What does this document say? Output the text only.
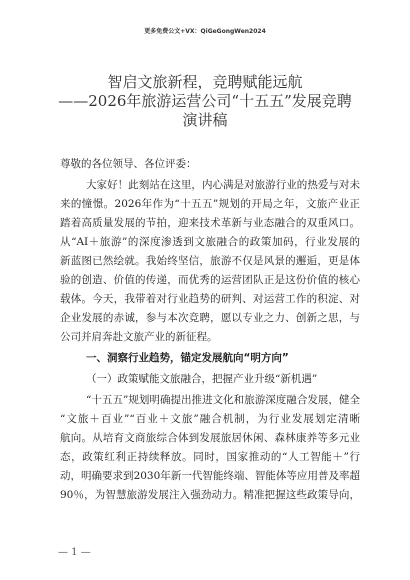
更多免费公文+VX：QiGeGongWen2024
智启文旅新程，竞聘赋能远航
——2026年旅游运营公司“十五五”发展竞聘
演讲稿
尊敬的各位领导、各位评委：
大家好！此刻站在这里，内心满是对旅游行业的热爱与对未
来的憧憬。2026年作为“十五五”规划的开局之年，文旅产业正
踏着高质量发展的节拍，迎来技术革新与业态融合的双重风口。
从“AI＋旅游”的深度渗透到文旅融合的政策加码，行业发展的
新蓝图已然绘就。我始终坚信，旅游不仅是风景的邂逅，更是体
验的创造、价值的传递，而优秀的运营团队正是这份价值的核心
载体。今天，我带着对行业趋势的研判、对运营工作的积淀、对
企业发展的赤诚，参与本次竞聘，愿以专业之力、创新之思，与
公司并肩奔赴文旅产业的新征程。
一、洞察行业趋势，锚定发展航向“明方向”
（一）政策赋能文旅融合，把握产业升级“新机遇”
“十五五”规划明确提出推进文化和旅游深度融合发展，健全
“文旅＋百业”“百业＋文旅”融合机制，为行业发展划定清晰
航向。从培育文商旅综合体到发展旅居休闲、森林康养等多元业
态，政策红利正持续释放。同时，国家推动的“人工智能＋”行
动，明确要求到2030年新一代智能终端、智能体等应用普及率超
90％，为智慧旅游发展注入强劲动力。精准把握这些政策导向，
— 1 —
